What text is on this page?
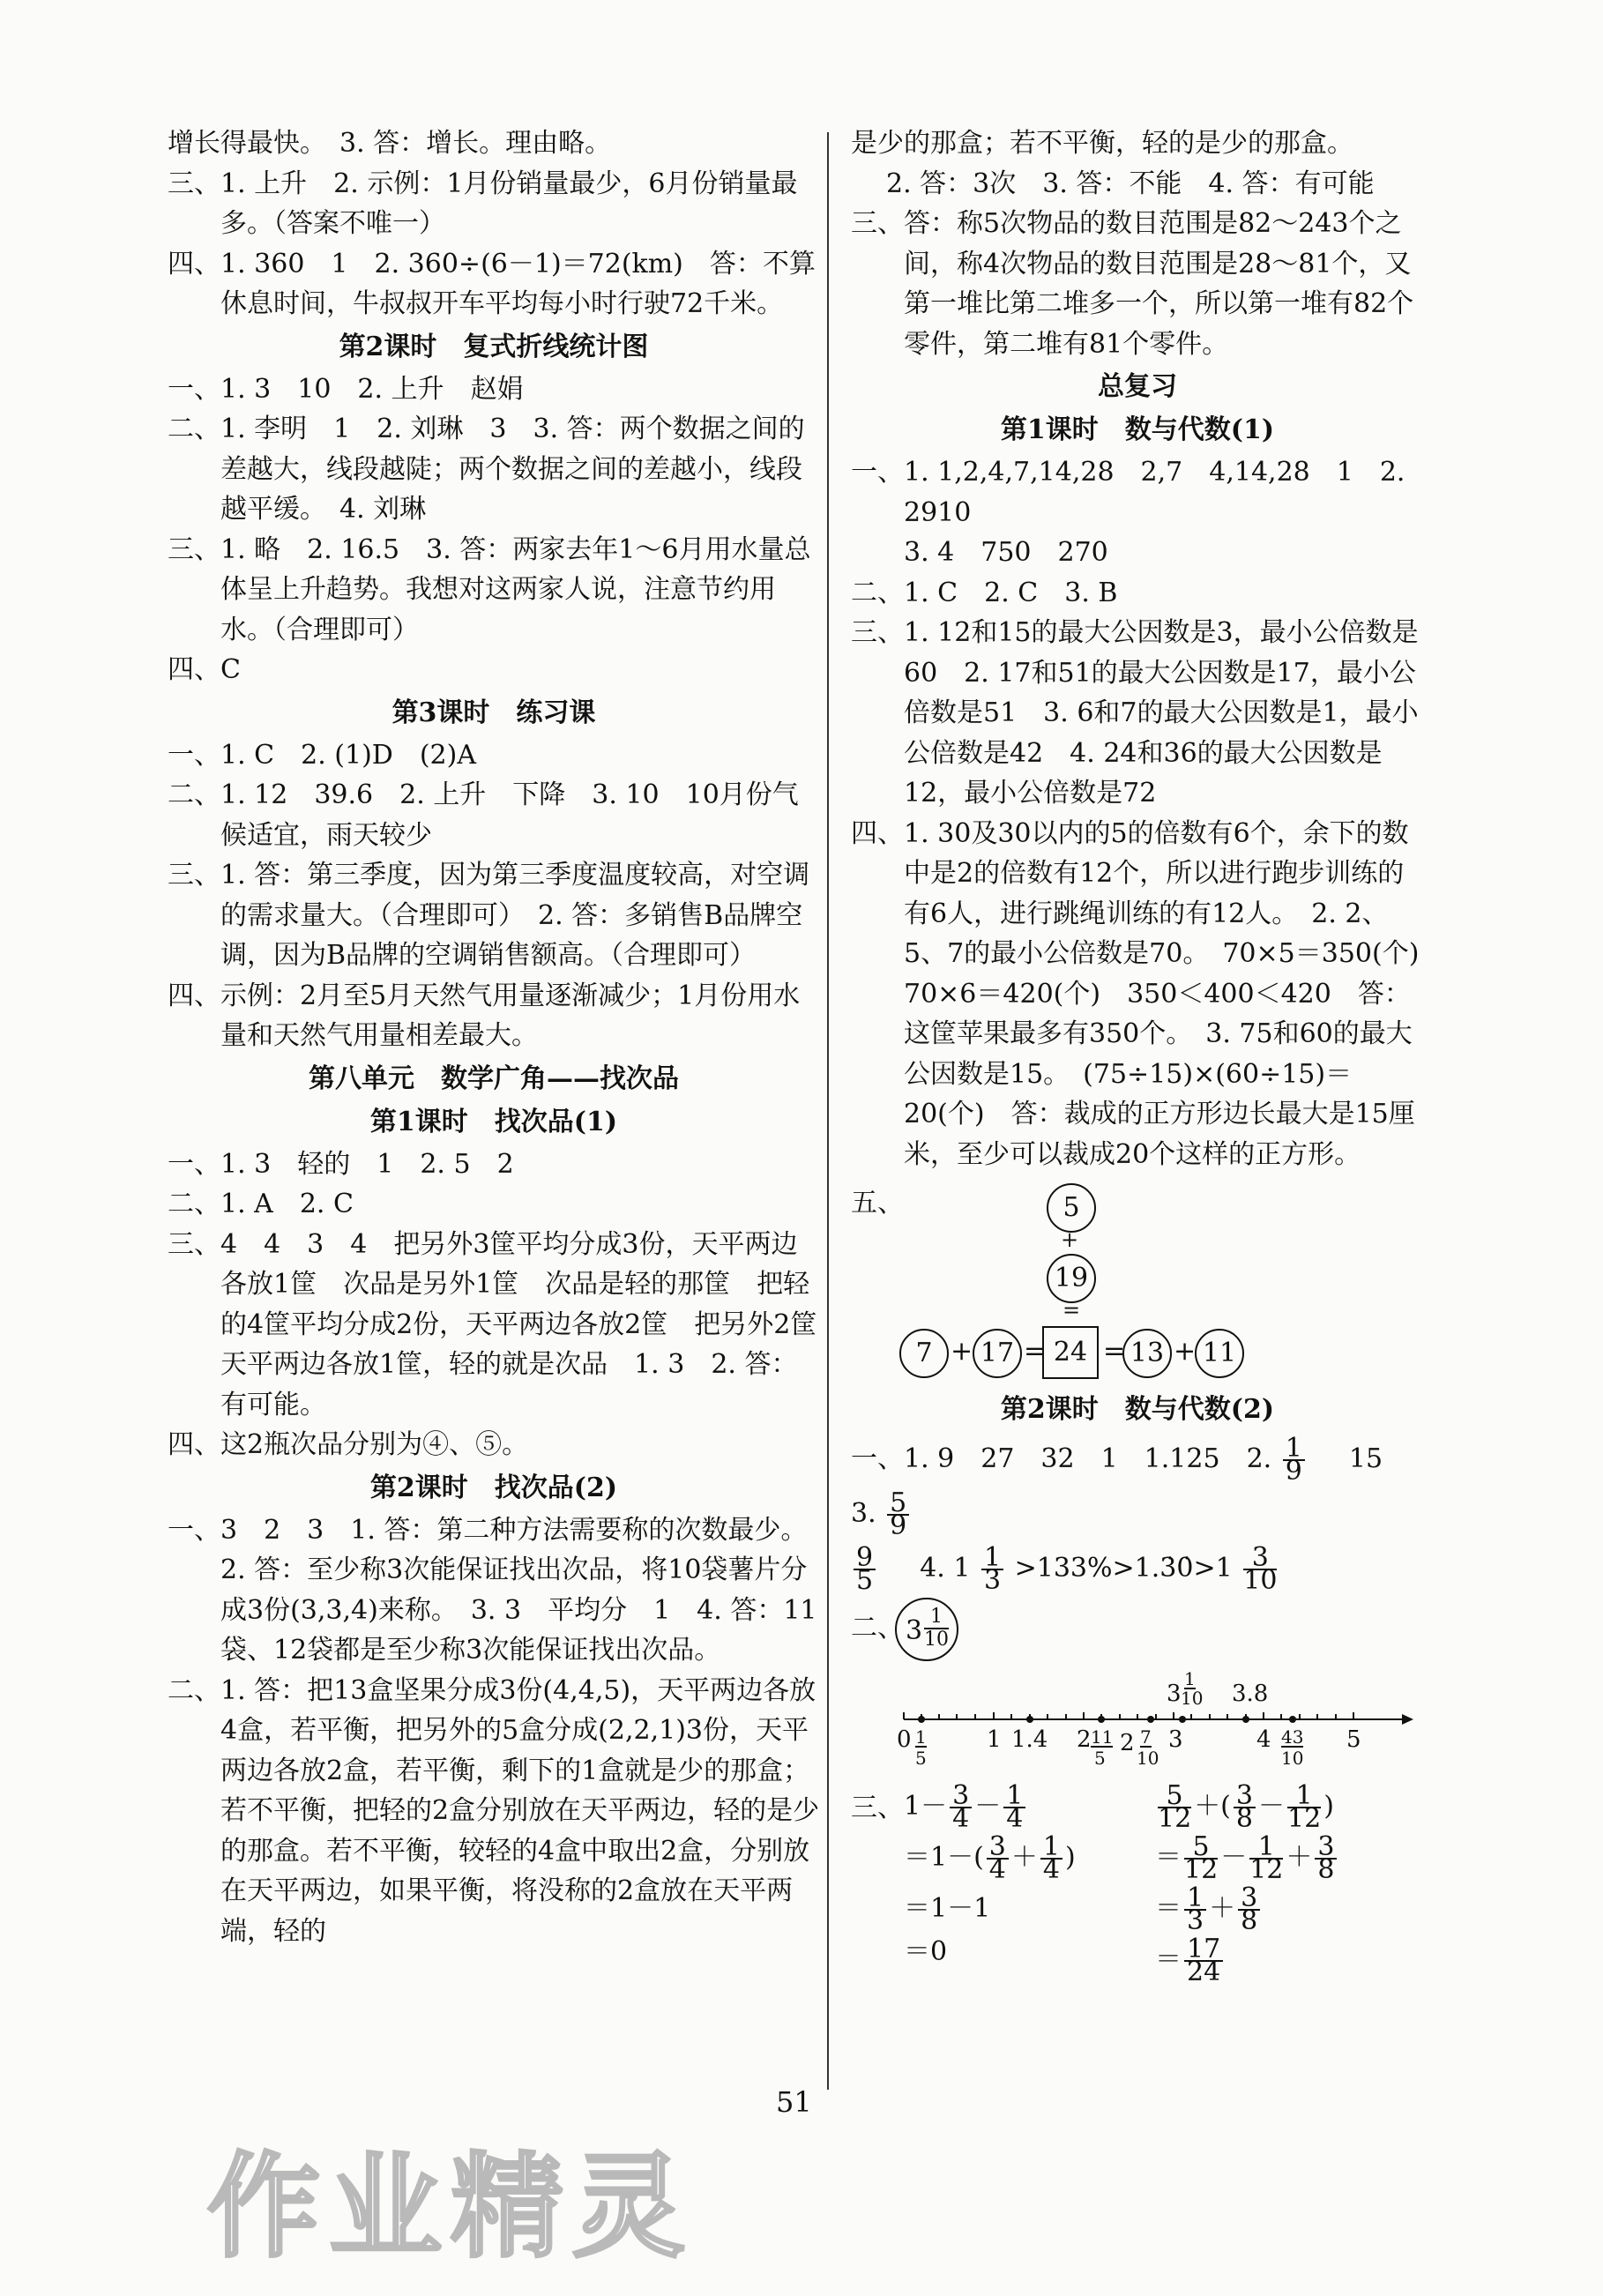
增长得最快。　3. 答：增长。理由略。

三、1. 上升　2. 示例：1月份销量最少，6月份销量最多。（答案不唯一）

四、1. 360　1　2. 360÷(6－1)＝72(km)　答：不算休息时间，牛叔叔开车平均每小时行驶72千米。

第2课时　复式折线统计图

一、1. 3　10　2. 上升　赵娟

二、1. 李明　1　2. 刘琳　3　3. 答：两个数据之间的差越大，线段越陡；两个数据之间的差越小，线段越平缓。　4. 刘琳

三、1. 略　2. 16.5　3. 答：两家去年1～6月用水量总体呈上升趋势。我想对这两家人说，注意节约用水。（合理即可）

四、C

第3课时　练习课

一、1. C　2. (1)D　(2)A

二、1. 12　39.6　2. 上升　下降　3. 10　10月份气候适宜，雨天较少

三、1. 答：第三季度，因为第三季度温度较高，对空调的需求量大。（合理即可）　2. 答：多销售B品牌空调，因为B品牌的空调销售额高。（合理即可）

四、示例：2月至5月天然气用量逐渐减少；1月份用水量和天然气用量相差最大。

第八单元　数学广角——找次品

第1课时　找次品(1)

一、1. 3　轻的　1　2. 5　2

二、1. A　2. C

三、4　4　3　4　把另外3筐平均分成3份，天平两边各放1筐　次品是另外1筐　次品是轻的那筐　把轻的4筐平均分成2份，天平两边各放2筐　把另外2筐天平两边各放1筐，轻的就是次品　1. 3　2. 答：有可能。

四、这2瓶次品分别为④、⑤。

第2课时　找次品(2)

一、3　2　3　1. 答：第二种方法需要称的次数最少。　2. 答：至少称3次能保证找出次品，将10袋薯片分成3份(3,3,4)来称。　3. 3　平均分　1　4. 答：11袋、12袋都是至少称3次能保证找出次品。

二、1. 答：把13盒坚果分成3份(4,4,5)，天平两边各放4盒，若平衡，把另外的5盒分成(2,2,1)3份，天平两边各放2盒，若平衡，剩下的1盒就是少的那盒；若不平衡，把轻的2盒分别放在天平两边，轻的是少的那盒。若不平衡，较轻的4盒中取出2盒，分别放在天平两边，如果平衡，将没称的2盒放在天平两端，轻的

是少的那盒；若不平衡，轻的是少的那盒。

2. 答：3次　3. 答：不能　4. 答：有可能

三、答：称5次物品的数目范围是82～243个之间，称4次物品的数目范围是28～81个，又第一堆比第二堆多一个，所以第一堆有82个零件，第二堆有81个零件。

总复习

第1课时　数与代数(1)

一、1. 1,2,4,7,14,28　2,7　4,14,28　1　2. 2910

3. 4　750　270

二、1. C　2. C　3. B

三、1. 12和15的最大公因数是3，最小公倍数是60　2. 17和51的最大公因数是17，最小公倍数是51　3. 6和7的最大公因数是1，最小公倍数是42　4. 24和36的最大公因数是12，最小公倍数是72

四、1. 30及30以内的5的倍数有6个，余下的数中是2的倍数有12个，所以进行跑步训练的有6人，进行跳绳训练的有12人。　2. 2、5、7的最小公倍数是70。　70×5＝350(个)　70×6＝420(个)　350＜400＜420　答：这筐苹果最多有350个。　3. 75和60的最大公因数是15。　(75÷15)×(60÷15)＝20(个)　答：裁成的正方形边长最大是15厘米，至少可以裁成20个这样的正方形。

五、	5
+
19
=
7 + 17 = 24 = 13 + 11

第2课时　数与代数(2)

一、1. 9　27　32　1　1.125　2. $\frac{1}{9} 15$　3. $\frac{5}{9}$

$\frac{9}{5} 4$. $1 \frac{1}{3}$ >133%>1.3̇0̇>1 $\frac{3}{10}$

二、 $3 \frac{1}{10}$
3
1
10 3.8
0 1
5
1 1.4 2 11
5
2 7
10
3	4 43
10
5
三、 $1- \frac{3}{4} - \frac{1}{4}$

$=1-( \frac{3}{4} + \frac{1}{4}$ )

＝1－1

＝0

$\frac{5}{12}$ ＋( $\frac{3}{8} - \frac{1}{12}$ )

＝ $\frac{5}{12} - \frac{1}{12} + \frac{3}{8}$

＝ $\frac{1}{3} + \frac{3}{8}$

＝ $\frac{17}{24}$

51
作业精灵
